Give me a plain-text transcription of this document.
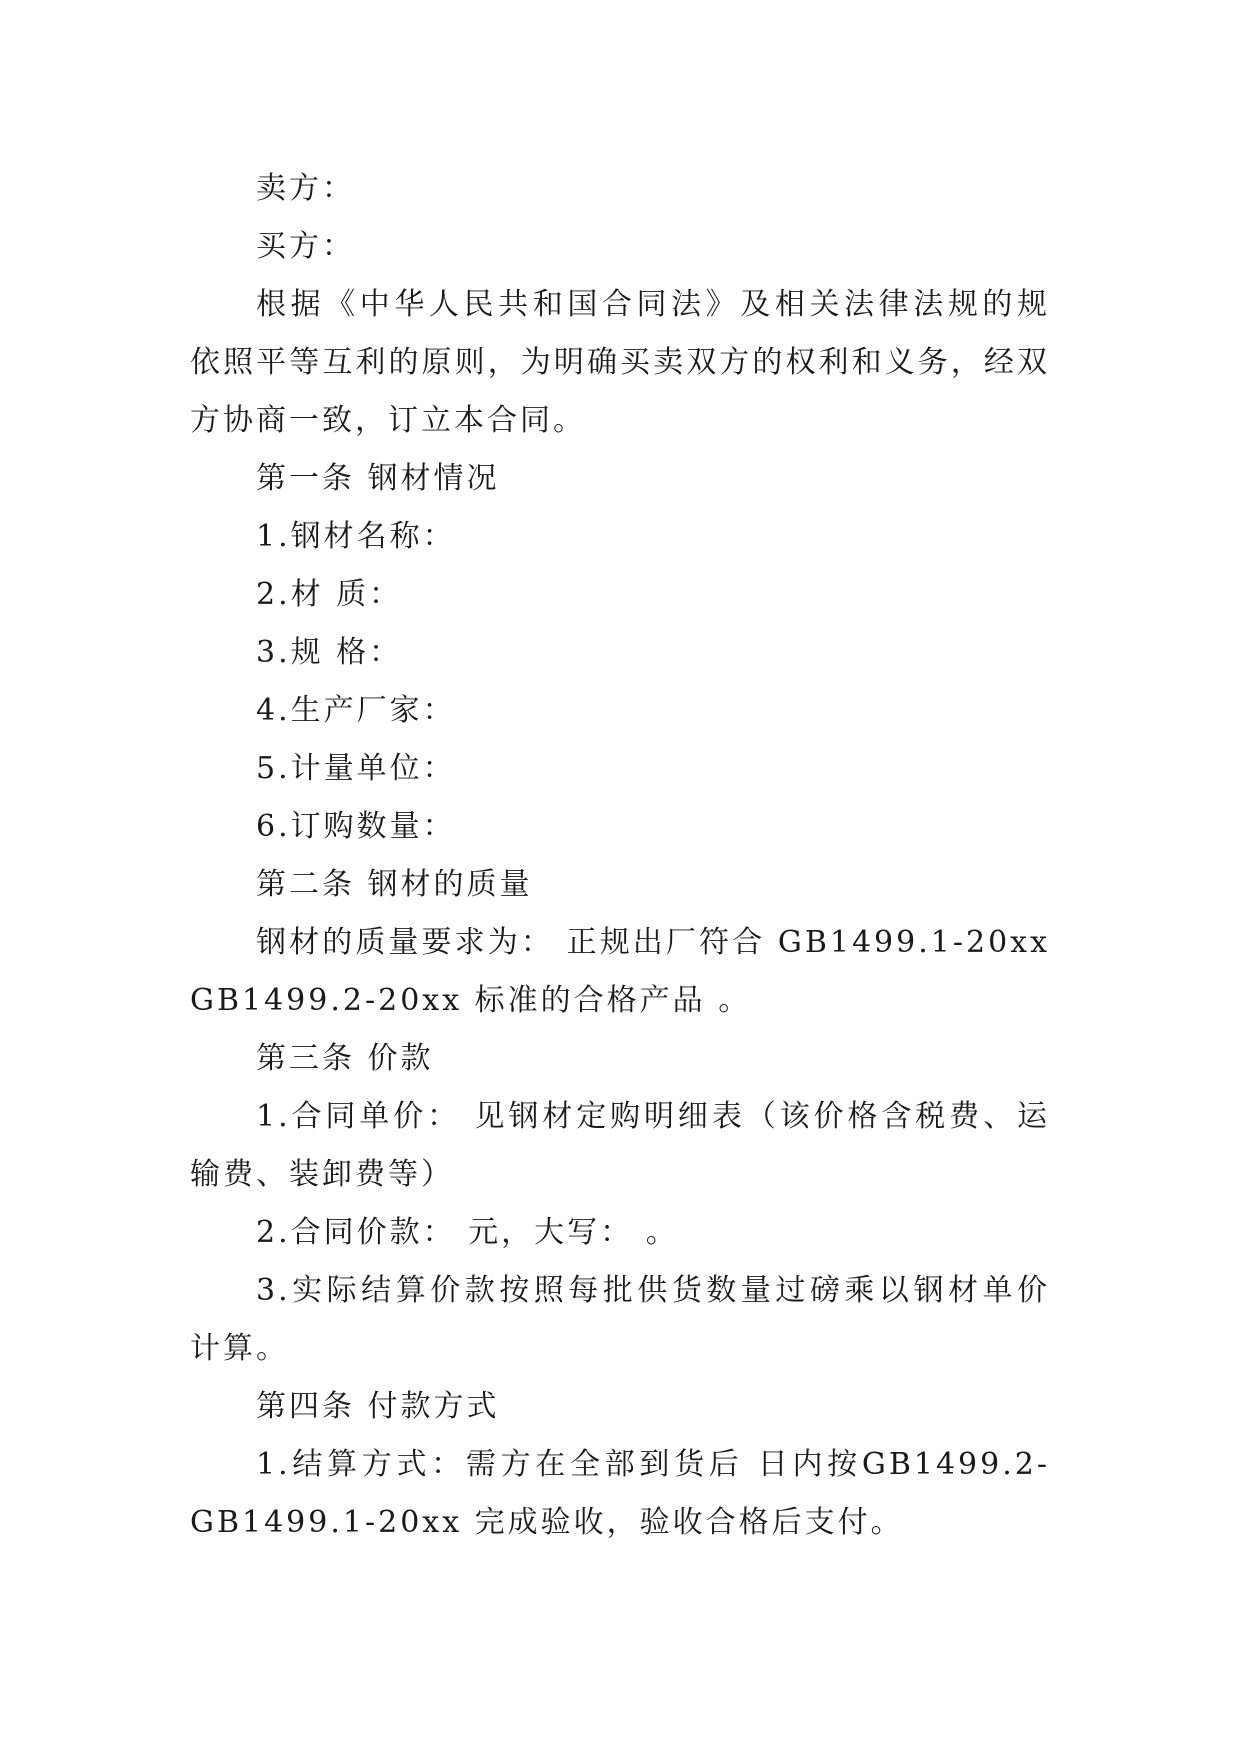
卖方：
买方：
根据《中华人民共和国合同法》及相关法律法规的规
依照平等互利的原则，为明确买卖双方的权利和义务，经双
方协商一致，订立本合同。
第一条 钢材情况
1.钢材名称：
2.材 质：
3.规 格：
4.生产厂家：
5.计量单位：
6.订购数量：
第二条 钢材的质量
钢材的质量要求为： 正规出厂符合 GB1499.1-20xx
GB1499.2-20xx 标准的合格产品 。
第三条 价款
1.合同单价： 见钢材定购明细表（该价格含税费、运
输费、装卸费等）
2.合同价款： 元，大写： 。
3.实际结算价款按照每批供货数量过磅乘以钢材单价
计算。
第四条 付款方式
1.结算方式：需方在全部到货后 日内按GB1499.2-
GB1499.1-20xx 完成验收，验收合格后支付。
